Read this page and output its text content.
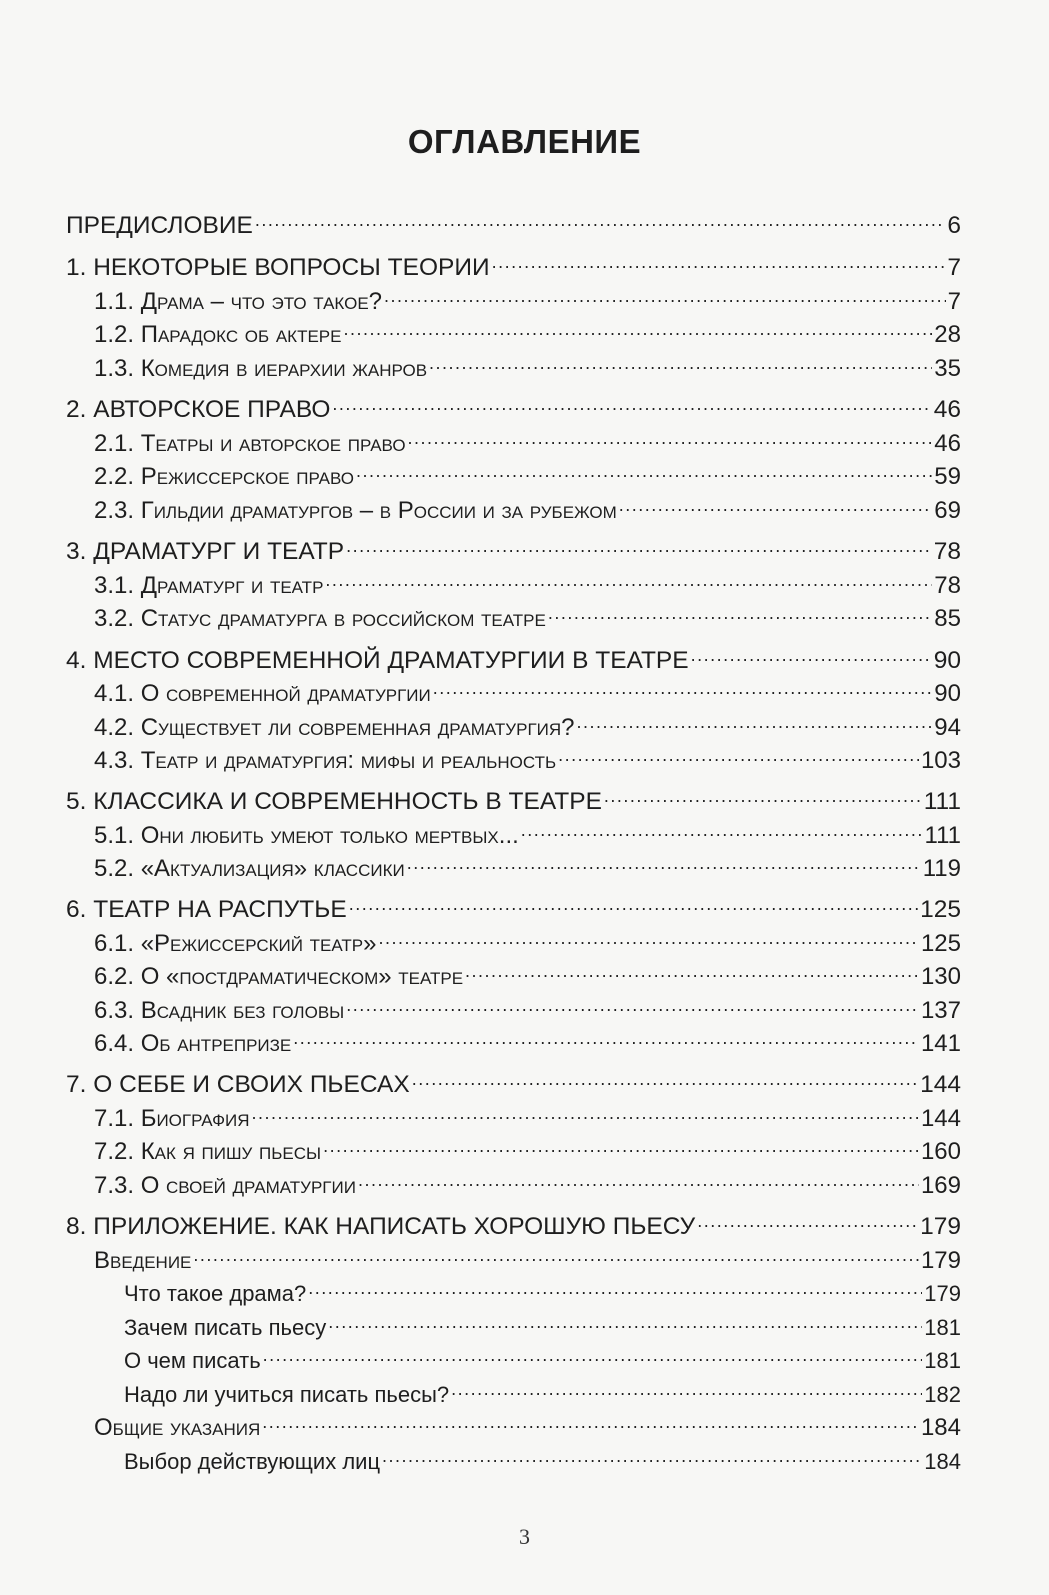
ОГЛАВЛЕНИЕ
ПРЕДИСЛОВИЕ .....	6
1. НЕКОТОРЫЕ ВОПРОСЫ ТЕОРИИ .....	7
1.1. Драма – что это такое? .....	7
1.2. Парадокс об актере .....	28
1.3. Комедия в иерархии жанров .....	35
2. АВТОРСКОЕ ПРАВО .....	46
2.1. Театры и авторское право .....	46
2.2. Режиссерское право .....	59
2.3. Гильдии драматургов – в России и за рубежом .....	69
3. ДРАМАТУРГ И ТЕАТР .....	78
3.1. Драматург и театр .....	78
3.2. Статус драматурга в российском театре .....	85
4. МЕСТО СОВРЕМЕННОЙ ДРАМАТУРГИИ В ТЕАТРЕ .....	90
4.1. О современной драматургии .....	90
4.2. Существует ли современная драматургия? .....	94
4.3. Театр и драматургия: мифы и реальность .....	103
5. КЛАССИКА И СОВРЕМЕННОСТЬ В ТЕАТРЕ .....	111
5.1. Они любить умеют только мертвых... .....	111
5.2. «Актуализация» классики .....	119
6. ТЕАТР НА РАСПУТЬЕ .....	125
6.1. «Режиссерский театр» .....	125
6.2. О «постдраматическом» театре .....	130
6.3. Всадник без головы .....	137
6.4. Об антрепризе .....	141
7. О СЕБЕ И СВОИХ ПЬЕСАХ .....	144
7.1. Биография .....	144
7.2. Как я пишу пьесы .....	160
7.3. О своей драматургии .....	169
8. ПРИЛОЖЕНИЕ. КАК НАПИСАТЬ ХОРОШУЮ ПЬЕСУ .....	179
Введение .....	179
Что такое драма? .....	179
Зачем писать пьесу .....	181
О чем писать .....	181
Надо ли учиться писать пьесы? .....	182
Общие указания .....	184
Выбор действующих лиц .....	184
3
